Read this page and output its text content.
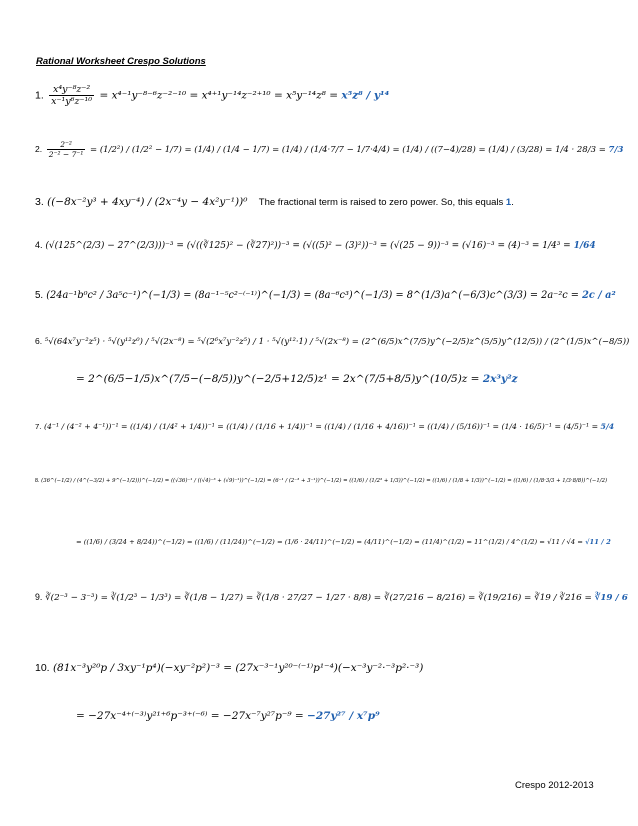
Rational Worksheet Crespo Solutions
1. $\frac{\text{x⁴y⁻⁸z⁻²}}{\text{x⁻¹y⁶z⁻¹⁰}} = x^{4-1}y^{-8-6}z^{-2-10} = x^{4+1}y^{-14}z^{-2+10} = x^5y^{-14}z^8 = x^5z^8 / y^{14}$
2. $\frac{\text{2⁻²}}{\text{2⁻² − 7⁻¹}} = (1/2^2) / (1/2^2 - 1/7) = (1/4) / (1/4 - 1/7) = (1/4) / (1/4\cdot 7/7 - 1/7\cdot 4/4) = (1/4) / ((7-4)/28) = (1/4) / (3/28) = 1/4 \cdot 28/3 = 7/3$
3. ((−8x⁻²y³ + 4xy⁻⁴) / (2x⁻⁴y − 4x²y⁻¹))⁰ The fractional term is raised to zero power. So, this equals 1.
4. (√(125^(2/3) − 27^(2/3)))⁻³ = (√((∛125)² − (∛27)²))⁻³ = (√((5)² − (3)²))⁻³ = (√(25 − 9))⁻³ = (√16)⁻³ = (4)⁻³ = 1/4³ = 1/64
5. (24a⁻¹b⁰c² / 3a⁵c⁻¹)^(−1/3) = (8a⁻¹⁻⁵c²⁻⁽⁻¹⁾)^(−1/3) = (8a⁻⁶c³)^(−1/3) = 8^(1/3)a^(−6/3)c^(3/3) = 2a⁻²c = 2c / a²
6. ⁵√(64x⁷y⁻²z⁵) · ⁵√(y¹²z⁰) / ⁵√(2x⁻⁸) = ⁵√(2⁶x⁷y⁻²z⁵) / 1 · ⁵√(y¹²·1) / ⁵√(2x⁻⁸) = (2^(6/5)x^(7/5)y^(−2/5)z^(5/5)y^(12/5)) / (2^(1/5)x^(−8/5))
= 2^(6/5−1/5)x^(7/5−(−8/5))y^(−2/5+12/5)z¹ = 2x^(7/5+8/5)y^(10/5)z = 2x³y²z
7. (4⁻¹ / (4⁻² + 4⁻¹))⁻¹ = ((1/4) / (1/4² + 1/4))⁻¹ = ((1/4) / (1/16 + 1/4))⁻¹ = ((1/4) / (1/16 + 4/16))⁻¹ = ((1/4) / (5/16))⁻¹ = (1/4 · 16/5)⁻¹ = (4/5)⁻¹ = 5/4
8. (36^(−1/2) / (4^(−3/2) + 9^(−1/2)))^(−1/2) = ((√36)⁻¹ / ((√4)⁻³ + (√9)⁻¹))^(−1/2) = (6⁻¹ / (2⁻³ + 3⁻¹))^(−1/2) = ((1/6) / (1/2³ + 1/3))^(−1/2) = ((1/6) / (1/8 + 1/3))^(−1/2) = ((1/6) / (1/8·3/3 + 1/3·8/8))^(−1/2)
= ((1/6) / (3/24 + 8/24))^(−1/2) = ((1/6) / (11/24))^(−1/2) = (1/6 · 24/11)^(−1/2) = (4/11)^(−1/2) = (11/4)^(1/2) = 11^(1/2) / 4^(1/2) = √11 / √4 = √11 / 2
9. ∛(2⁻³ − 3⁻³) = ∛(1/2³ − 1/3³) = ∛(1/8 − 1/27) = ∛(1/8 · 27/27 − 1/27 · 8/8) = ∛(27/216 − 8/216) = ∛(19/216) = ∛19 / ∛216 = ∛19 / 6
10. (81x⁻³y²⁰p / 3xy⁻¹p⁴)(−xy⁻²p²)⁻³ = (27x⁻³⁻¹y²⁰⁻⁽⁻¹⁾p¹⁻⁴)(−x⁻³y⁻²·⁻³p²·⁻³)
= −27x⁻⁴⁺⁽⁻³⁾y²¹⁺⁶p⁻³⁺⁽⁻⁶⁾ = −27x⁻⁷y²⁷p⁻⁹ = −27y²⁷ / x⁷p⁹
Crespo 2012-2013
